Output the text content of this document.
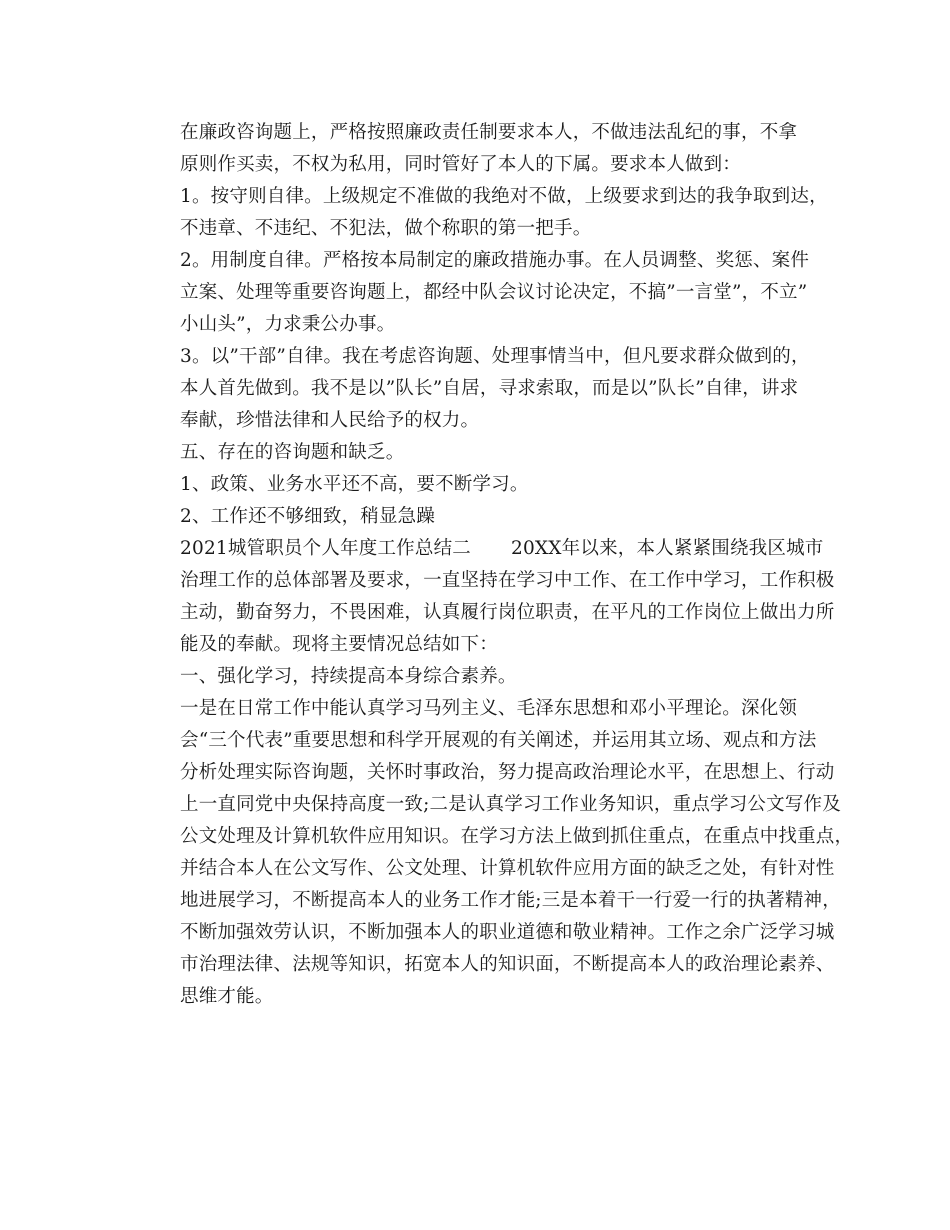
在廉政咨询题上，严格按照廉政责任制要求本人，不做违法乱纪的事，不拿
原则作买卖，不权为私用，同时管好了本人的下属。要求本人做到：

1。按守则自律。上级规定不准做的我绝对不做，上级要求到达的我争取到达，
不违章、不违纪、不犯法，做个称职的第一把手。

2。用制度自律。严格按本局制定的廉政措施办事。在人员调整、奖惩、案件
立案、处理等重要咨询题上，都经中队会议讨论决定，不搞”一言堂”，不立”
小山头”，力求秉公办事。

3。以”干部”自律。我在考虑咨询题、处理事情当中，但凡要求群众做到的，
本人首先做到。我不是以”队长”自居，寻求索取，而是以”队长”自律，讲求
奉献，珍惜法律和人民给予的权力。

五、存在的咨询题和缺乏。

1、政策、业务水平还不高，要不断学习。

2、工作还不够细致，稍显急躁

2021城管职员个人年度工作总结二 20XX年以来，本人紧紧围绕我区城市
治理工作的总体部署及要求，一直坚持在学习中工作、在工作中学习，工作积极
主动，勤奋努力，不畏困难，认真履行岗位职责，在平凡的工作岗位上做出力所
能及的奉献。现将主要情况总结如下：

一、强化学习，持续提高本身综合素养。

一是在日常工作中能认真学习马列主义、毛泽东思想和邓小平理论。深化领
会“三个代表”重要思想和科学开展观的有关阐述，并运用其立场、观点和方法
分析处理实际咨询题，关怀时事政治，努力提高政治理论水平，在思想上、行动
上一直同党中央保持高度一致;二是认真学习工作业务知识，重点学习公文写作及
公文处理及计算机软件应用知识。在学习方法上做到抓住重点，在重点中找重点，
并结合本人在公文写作、公文处理、计算机软件应用方面的缺乏之处，有针对性
地进展学习，不断提高本人的业务工作才能;三是本着干一行爱一行的执著精神，
不断加强效劳认识，不断加强本人的职业道德和敬业精神。工作之余广泛学习城
市治理法律、法规等知识，拓宽本人的知识面，不断提高本人的政治理论素养、
思维才能。
